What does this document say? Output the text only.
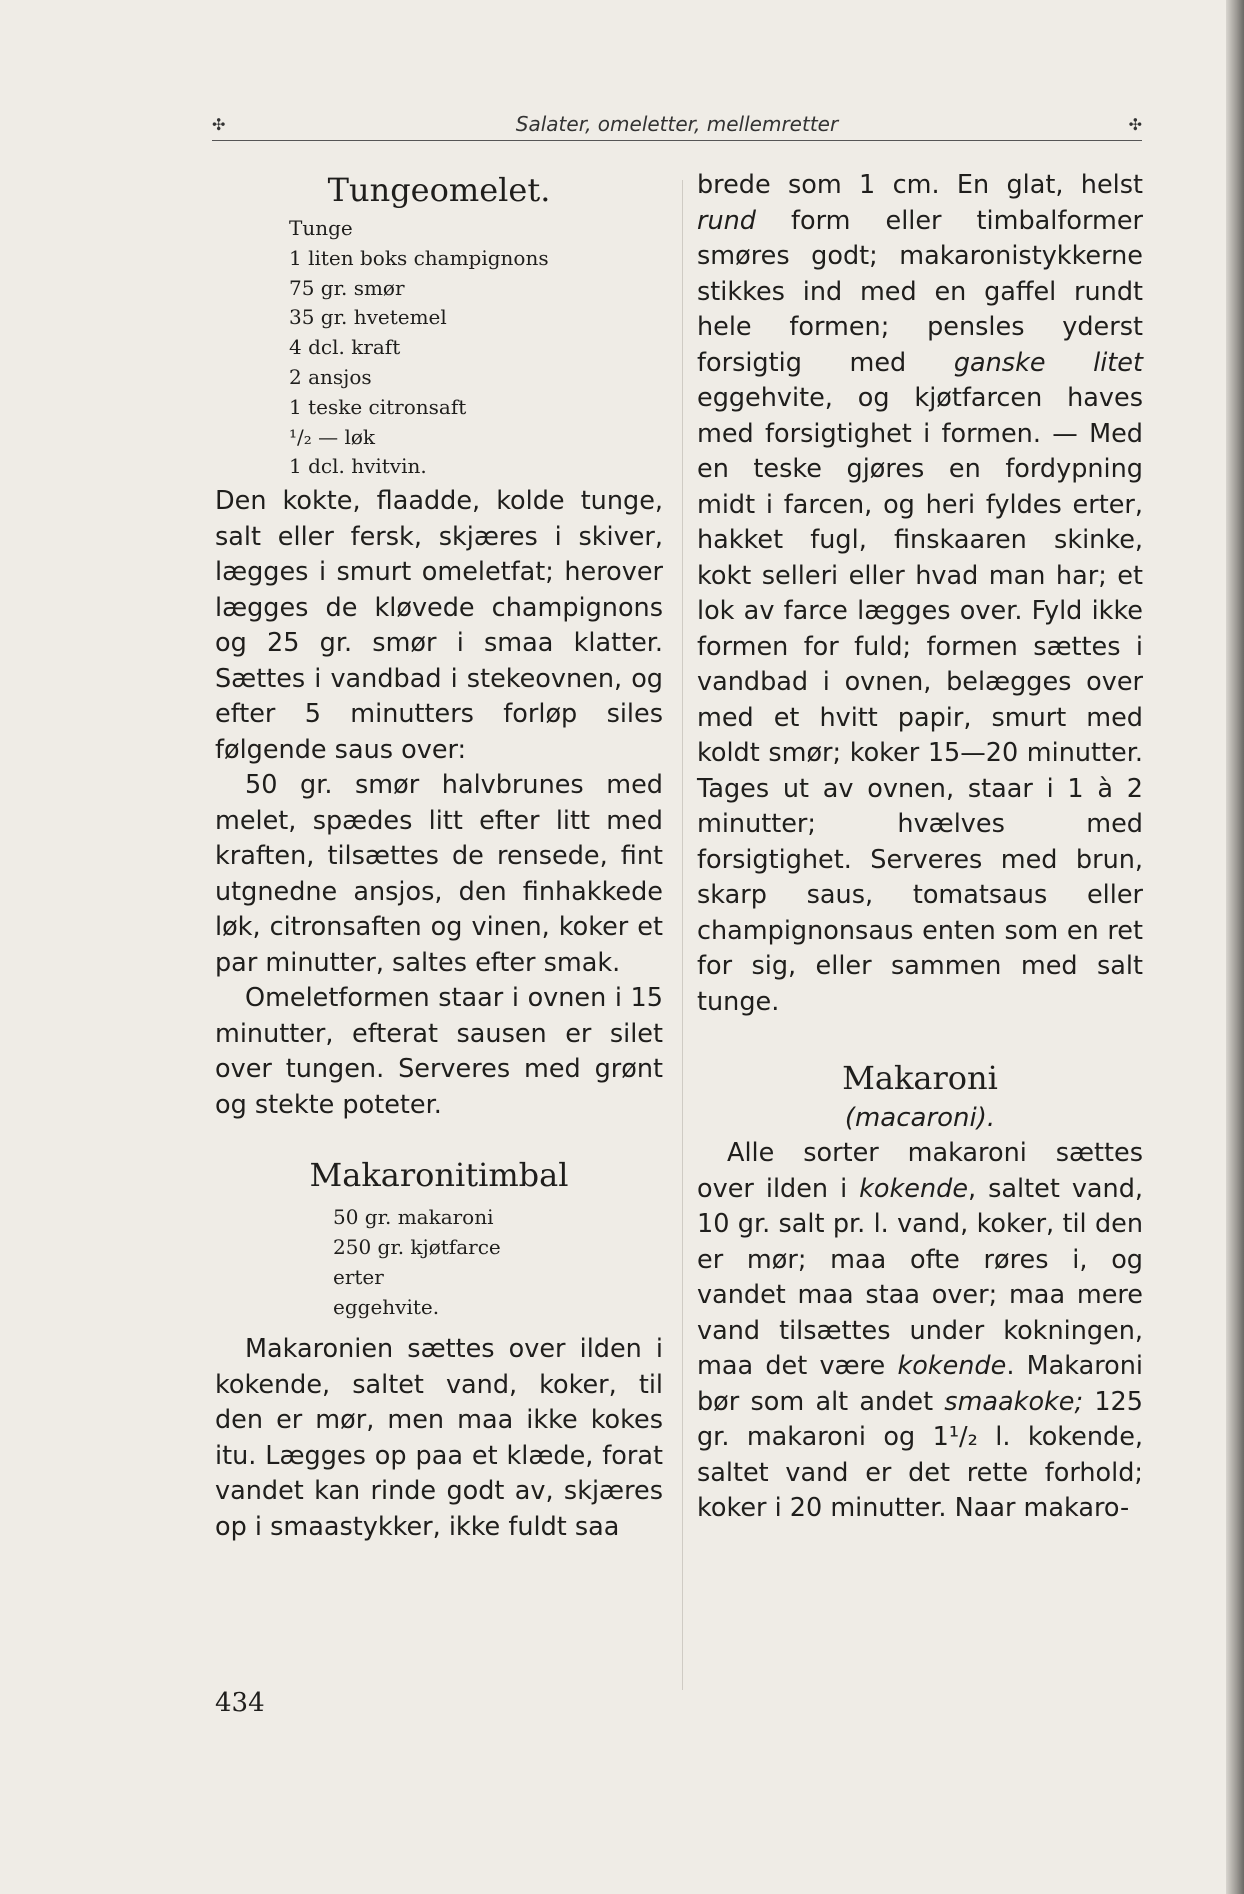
✣	Salater, omeletter, mellemretter	✣
Tungeomelet.
Tunge
1 liten boks champignons
75 gr. smør
35 gr. hvetemel
4 dcl. kraft
2 ansjos
1 teske citronsaft
¹/₂ — løk
1 dcl. hvitvin.

Den kokte, flaadde, kolde tunge, salt eller fersk, skjæres i skiver, lægges i smurt omeletfat; herover lægges de kløvede champignons og 25 gr. smør i smaa klatter. Sættes i vandbad i stekeovnen, og efter 5 minutters forløp siles følgende saus over:

50 gr. smør halvbrunes med melet, spædes litt efter litt med kraften, tilsættes de rensede, fint utgnedne ansjos, den finhakkede løk, citronsaften og vinen, koker et par minutter, saltes efter smak.

Omeletformen staar i ovnen i 15 minutter, efterat sausen er silet over tungen. Serveres med grønt og stekte poteter.

Makaronitimbal
50 gr. makaroni
250 gr. kjøtfarce
erter
eggehvite.

Makaronien sættes over ilden i kokende, saltet vand, koker, til den er mør, men maa ikke kokes itu. Lægges op paa et klæde, forat vandet kan rinde godt av, skjæres op i smaastykker, ikke fuldt saa

brede som 1 cm. En glat, helst rund form eller timbalformer smøres godt; makaronistykkerne stikkes ind med en gaffel rundt hele formen; pensles yderst forsigtig med ganske litet eggehvite, og kjøtfarcen haves med forsigtighet i formen. — Med en teske gjøres en fordypning midt i farcen, og heri fyldes erter, hakket fugl, finskaaren skinke, kokt selleri eller hvad man har; et lok av farce lægges over. Fyld ikke formen for fuld; formen sættes i vandbad i ovnen, belægges over med et hvitt papir, smurt med koldt smør; koker 15—20 minutter. Tages ut av ovnen, staar i 1 à 2 minutter; hvælves med forsigtighet. Serveres med brun, skarp saus, tomatsaus eller champignonsaus enten som en ret for sig, eller sammen med salt tunge.

Makaroni
(macaroni).

Alle sorter makaroni sættes over ilden i kokende, saltet vand, 10 gr. salt pr. l. vand, koker, til den er mør; maa ofte røres i, og vandet maa staa over; maa mere vand tilsættes under kokningen, maa det være kokende. Makaroni bør som alt andet smaakoke; 125 gr. makaroni og 1¹/₂ l. kokende, saltet vand er det rette forhold; koker i 20 minutter. Naar makaro-

434
